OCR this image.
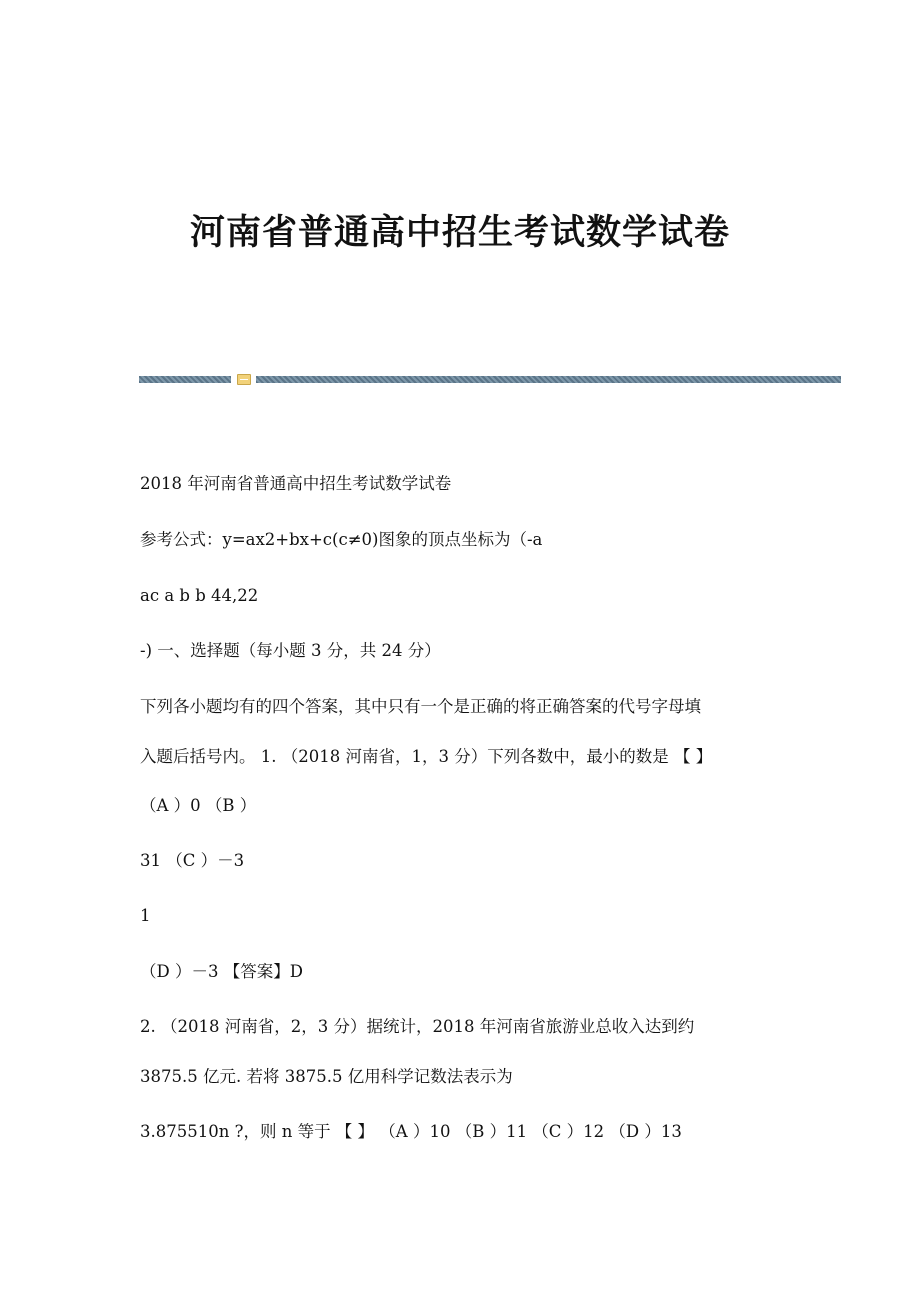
河南省普通高中招生考试数学试卷

2018 年河南省普通高中招生考试数学试卷

参考公式：y=ax2+bx+c(c≠0)图象的顶点坐标为（-a

ac a b b 44,22

-) 一、选择题（每小题 3 分，共 24 分）

下列各小题均有的四个答案，其中只有一个是正确的将正确答案的代号字母填

入题后括号内。 1. （2018 河南省，1，3 分）下列各数中，最小的数是 【 】

（A ）0 （B ）

31 （C ）－3

1

（D ）－3 【答案】D

2. （2018 河南省，2，3 分）据统计，2018 年河南省旅游业总收入达到约

3875.5 亿元. 若将 3875.5 亿用科学记数法表示为

3.875510n ?，则 n 等于 【 】 （A ）10 （B ）11 （C ）12 （D ）13
